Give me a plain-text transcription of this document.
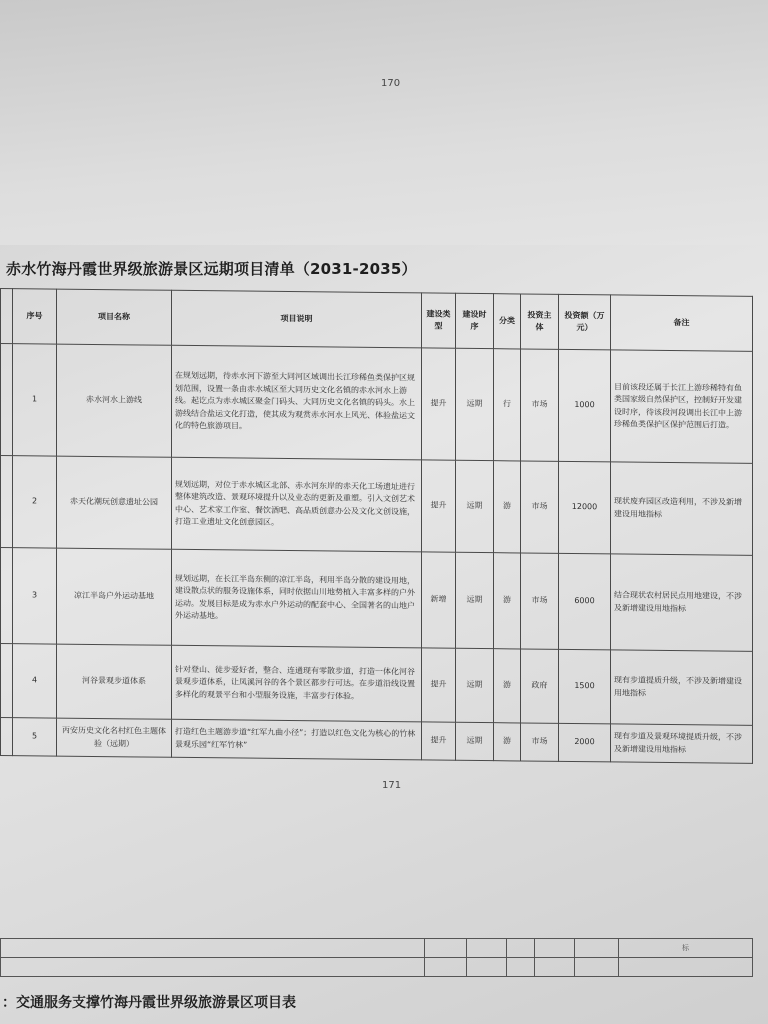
170
赤水竹海丹霞世界级旅游景区远期项目清单（2031-2035）
	序号	项目名称	项目说明	建设类型	建设时序	分类	投资主体	投资额（万元）	备注
	1	赤水河水上游线	在规划远期，待赤水河下游至大同河区域调出长江珍稀鱼类保护区规划范围，设置一条由赤水城区至大同历史文化名镇的赤水河水上游线。起讫点为赤水城区聚金门码头、大同历史文化名镇的码头。水上游线结合盐运文化打造，使其成为观赏赤水河水上风光、体验盐运文化的特色旅游项目。	提升	远期	行	市场	1000	目前该段还属于长江上游珍稀特有鱼类国家级自然保护区，控制好开发建设时序，待该段河段调出长江中上游珍稀鱼类保护区保护范围后打造。
	2	赤天化潮玩创意遗址公园	规划远期，对位于赤水城区北部、赤水河东岸的赤天化工场遗址进行整体建筑改造、景观环境提升以及业态的更新及重塑。引入文创艺术中心、艺术家工作室、餐饮酒吧、高品质创意办公及文化文创设施，打造工业遗址文化创意园区。	提升	远期	游	市场	12000	现状废弃园区改造利用，不涉及新增建设用地指标
	3	凉江半岛户外运动基地	规划远期，在长江半岛东侧的凉江半岛，利用半岛分散的建设用地，建设散点状的服务设施体系，同时依据山川地势植入丰富多样的户外运动。发展目标是成为赤水户外运动的配套中心、全国著名的山地户外运动基地。	新增	远期	游	市场	6000	结合现状农村居民点用地建设，不涉及新增建设用地指标
	4	河谷景观步道体系	针对登山、徒步爱好者，整合、连通现有零散步道，打造一体化河谷景观步道体系，让凤溪河谷的各个景区都步行可达。在步道沿线设置多样化的观景平台和小型服务设施，丰富步行体验。	提升	远期	游	政府	1500	现有步道提质升级，不涉及新增建设用地指标
	5	丙安历史文化名村红色主题体验（远期）	打造红色主题游步道“红军九曲小径”；打造以红色文化为核心的竹林景观乐园“红军竹林”	提升	远期	游	市场	2000	现有步道及景观环境提质升级，不涉及新增建设用地指标
171
						标

：交通服务支撑竹海丹霞世界级旅游景区项目表
